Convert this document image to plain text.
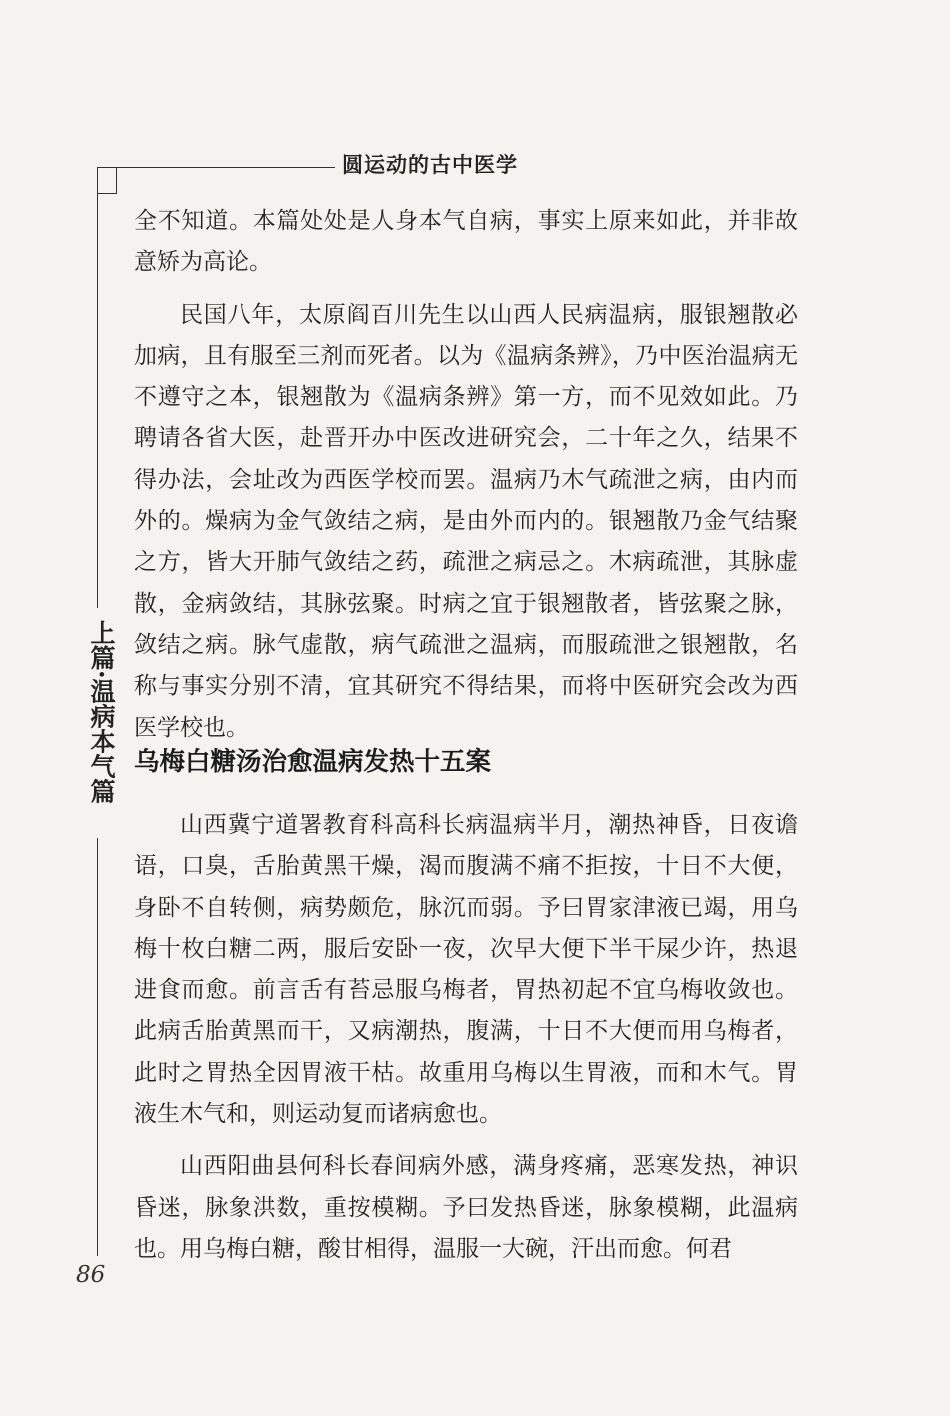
圆运动的古中医学
上篇·温病本气篇

全不知道。本篇处处是人身本气自病，事实上原来如此，并非故意矫为高论。

民国八年，太原阎百川先生以山西人民病温病，服银翘散必加病，且有服至三剂而死者。以为《温病条辨》，乃中医治温病无不遵守之本，银翘散为《温病条辨》第一方，而不见效如此。乃聘请各省大医，赴晋开办中医改进研究会，二十年之久，结果不得办法，会址改为西医学校而罢。温病乃木气疏泄之病，由内而外的。燥病为金气敛结之病，是由外而内的。银翘散乃金气结聚之方，皆大开肺气敛结之药，疏泄之病忌之。木病疏泄，其脉虚散，金病敛结，其脉弦聚。时病之宜于银翘散者，皆弦聚之脉，敛结之病。脉气虚散，病气疏泄之温病，而服疏泄之银翘散，名称与事实分别不清，宜其研究不得结果，而将中医研究会改为西医学校也。

乌梅白糖汤治愈温病发热十五案

山西冀宁道署教育科高科长病温病半月，潮热神昏，日夜谵语，口臭，舌胎黄黑干燥，渴而腹满不痛不拒按，十日不大便，身卧不自转侧，病势颇危，脉沉而弱。予曰胃家津液已竭，用乌梅十枚白糖二两，服后安卧一夜，次早大便下半干屎少许，热退进食而愈。前言舌有苔忌服乌梅者，胃热初起不宜乌梅收敛也。此病舌胎黄黑而干，又病潮热，腹满，十日不大便而用乌梅者，此时之胃热全因胃液干枯。故重用乌梅以生胃液，而和木气。胃液生木气和，则运动复而诸病愈也。

山西阳曲县何科长春间病外感，满身疼痛，恶寒发热，神识昏迷，脉象洪数，重按模糊。予曰发热昏迷，脉象模糊，此温病也。用乌梅白糖，酸甘相得，温服一大碗，汗出而愈。何君

86
